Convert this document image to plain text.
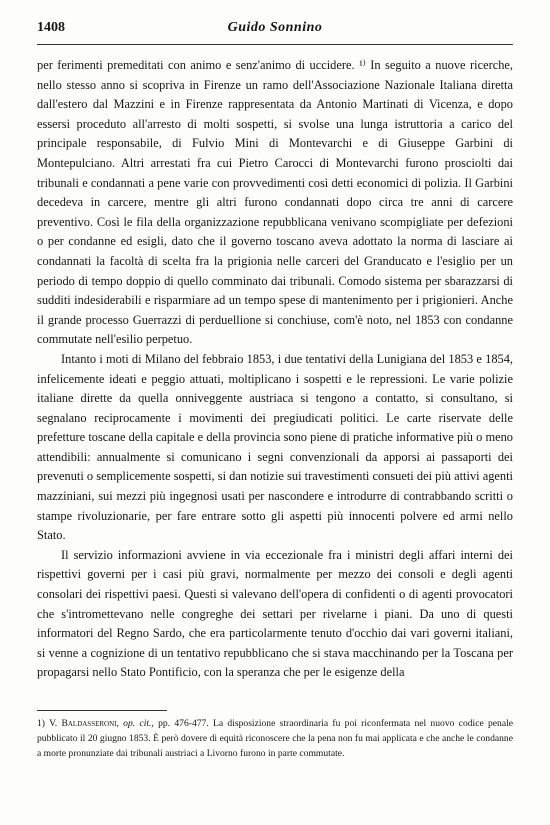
1408	Guido Sonnino

per ferimenti premeditati con animo e senz'animo di uccidere. ¹⁾ In seguito a nuove ricerche, nello stesso anno si scopriva in Firenze un ramo dell'Associazione Nazionale Italiana diretta dall'estero dal Mazzini e in Firenze rappresentata da Antonio Martinati di Vicenza, e dopo essersi proceduto all'arresto di molti sospetti, si svolse una lunga istruttoria a carico del principale responsabile, di Fulvio Mini di Montevarchi e di Giuseppe Garbini di Montepulciano. Altri arrestati fra cui Pietro Carocci di Montevarchi furono prosciolti dai tribunali e condannati a pene varie con provvedimenti così detti economici di polizia. Il Garbini decedeva in carcere, mentre gli altri furono condannati dopo circa tre anni di carcere preventivo. Così le fila della organizzazione repubblicana venivano scompigliate per defezioni o per condanne ed esigli, dato che il governo toscano aveva adottato la norma di lasciare ai condannati la facoltà di scelta fra la prigionia nelle carceri del Granducato e l'esiglio per un periodo di tempo doppio di quello comminato dai tribunali. Comodo sistema per sbarazzarsi di sudditi indesiderabili e risparmiare ad un tempo spese di mantenimento per i prigionieri. Anche il grande processo Guerrazzi di perduellione si conchiuse, com'è noto, nel 1853 con condanne commutate nell'esilio perpetuo.

Intanto i moti di Milano del febbraio 1853, i due tentativi della Lunigiana del 1853 e 1854, infelicemente ideati e peggio attuati, moltiplicano i sospetti e le repressioni. Le varie polizie italiane dirette da quella onniveggente austriaca si tengono a contatto, si consultano, si segnalano reciprocamente i movimenti dei pregiudicati politici. Le carte riservate delle prefetture toscane della capitale e della provincia sono piene di pratiche informative più o meno attendibili: annualmente si comunicano i segni convenzionali da apporsi ai passaporti dei prevenuti o semplicemente sospetti, si dan notizie sui travestimenti consueti dei più attivi agenti mazziniani, sui mezzi più ingegnosi usati per nascondere e introdurre di contrabbando scritti o stampe rivoluzionarie, per fare entrare sotto gli aspetti più innocenti polvere ed armi nello Stato.

Il servizio informazioni avviene in via eccezionale fra i ministri degli affari interni dei rispettivi governi per i casi più gravi, normalmente per mezzo dei consoli e degli agenti consolari dei rispettivi paesi. Questi si valevano dell'opera di confidenti o di agenti provocatori che s'intromettevano nelle congreghe dei settari per rivelarne i piani. Da uno di questi informatori del Regno Sardo, che era particolarmente tenuto d'occhio dai vari governi italiani, si venne a cognizione di un tentativo repubblicano che si stava macchinando per la Toscana per propagarsi nello Stato Pontificio, con la speranza che per le esigenze della

1) V. Baldasseroni, op. cit., pp. 476-477. La disposizione straordinaria fu poi riconfermata nel nuovo codice penale pubblicato il 20 giugno 1853. È però dovere di equità riconoscere che la pena non fu mai applicata e che anche le condanne a morte pronunziate dai tribunali austriaci a Livorno furono in parte commutate.
